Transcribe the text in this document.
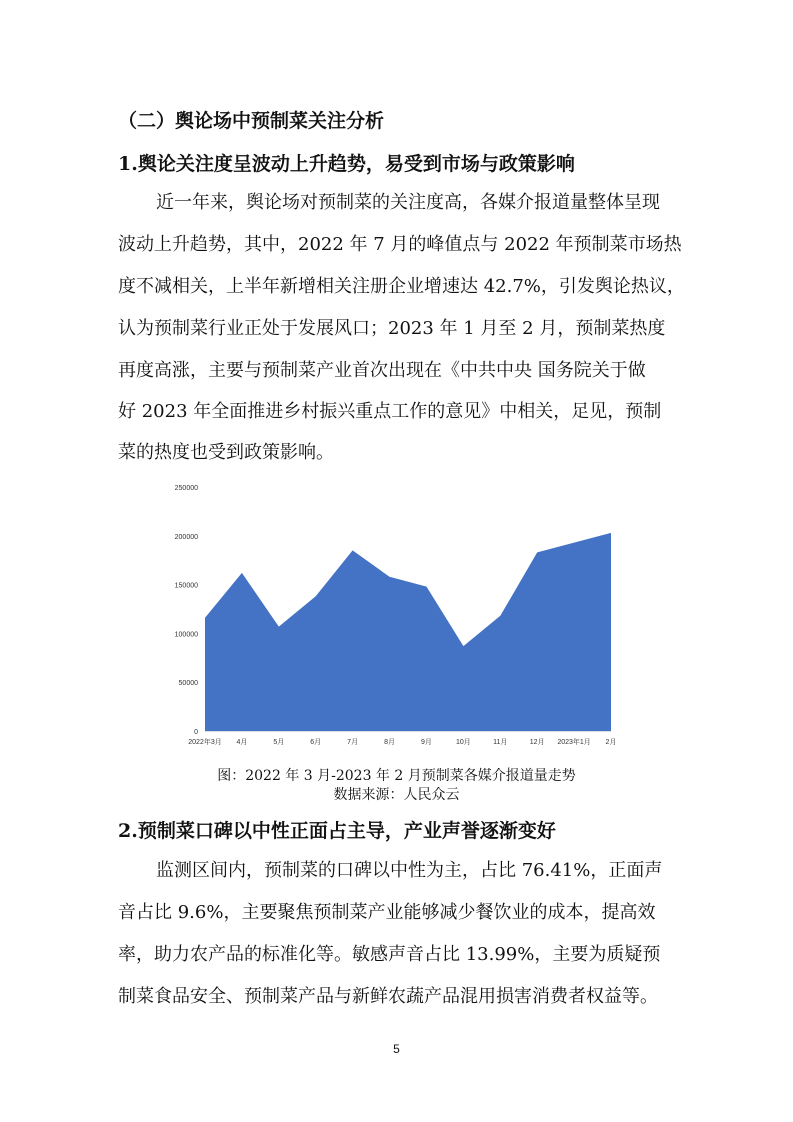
（二）舆论场中预制菜关注分析
1.舆论关注度呈波动上升趋势，易受到市场与政策影响
近一年来，舆论场对预制菜的关注度高，各媒介报道量整体呈现
波动上升趋势，其中，2022 年 7 月的峰值点与 2022 年预制菜市场热
度不减相关，上半年新增相关注册企业增速达 42.7%，引发舆论热议，
认为预制菜行业正处于发展风口；2023 年 1 月至 2 月，预制菜热度
再度高涨，主要与预制菜产业首次出现在《中共中央 国务院关于做
好 2023 年全面推进乡村振兴重点工作的意见》中相关，足见，预制
菜的热度也受到政策影响。
0
50000
100000
150000
200000
250000
2022年3月 4月	5月	6月	7月	8月	9月	10月	11月	12月 2023年1月 2月
图：2022 年 3 月-2023 年 2 月预制菜各媒介报道量走势
数据来源：人民众云
2.预制菜口碑以中性正面占主导，产业声誉逐渐变好
监测区间内，预制菜的口碑以中性为主，占比 76.41%，正面声
音占比 9.6%，主要聚焦预制菜产业能够减少餐饮业的成本，提高效
率，助力农产品的标准化等。敏感声音占比 13.99%，主要为质疑预
制菜食品安全、预制菜产品与新鲜农蔬产品混用损害消费者权益等。
5
